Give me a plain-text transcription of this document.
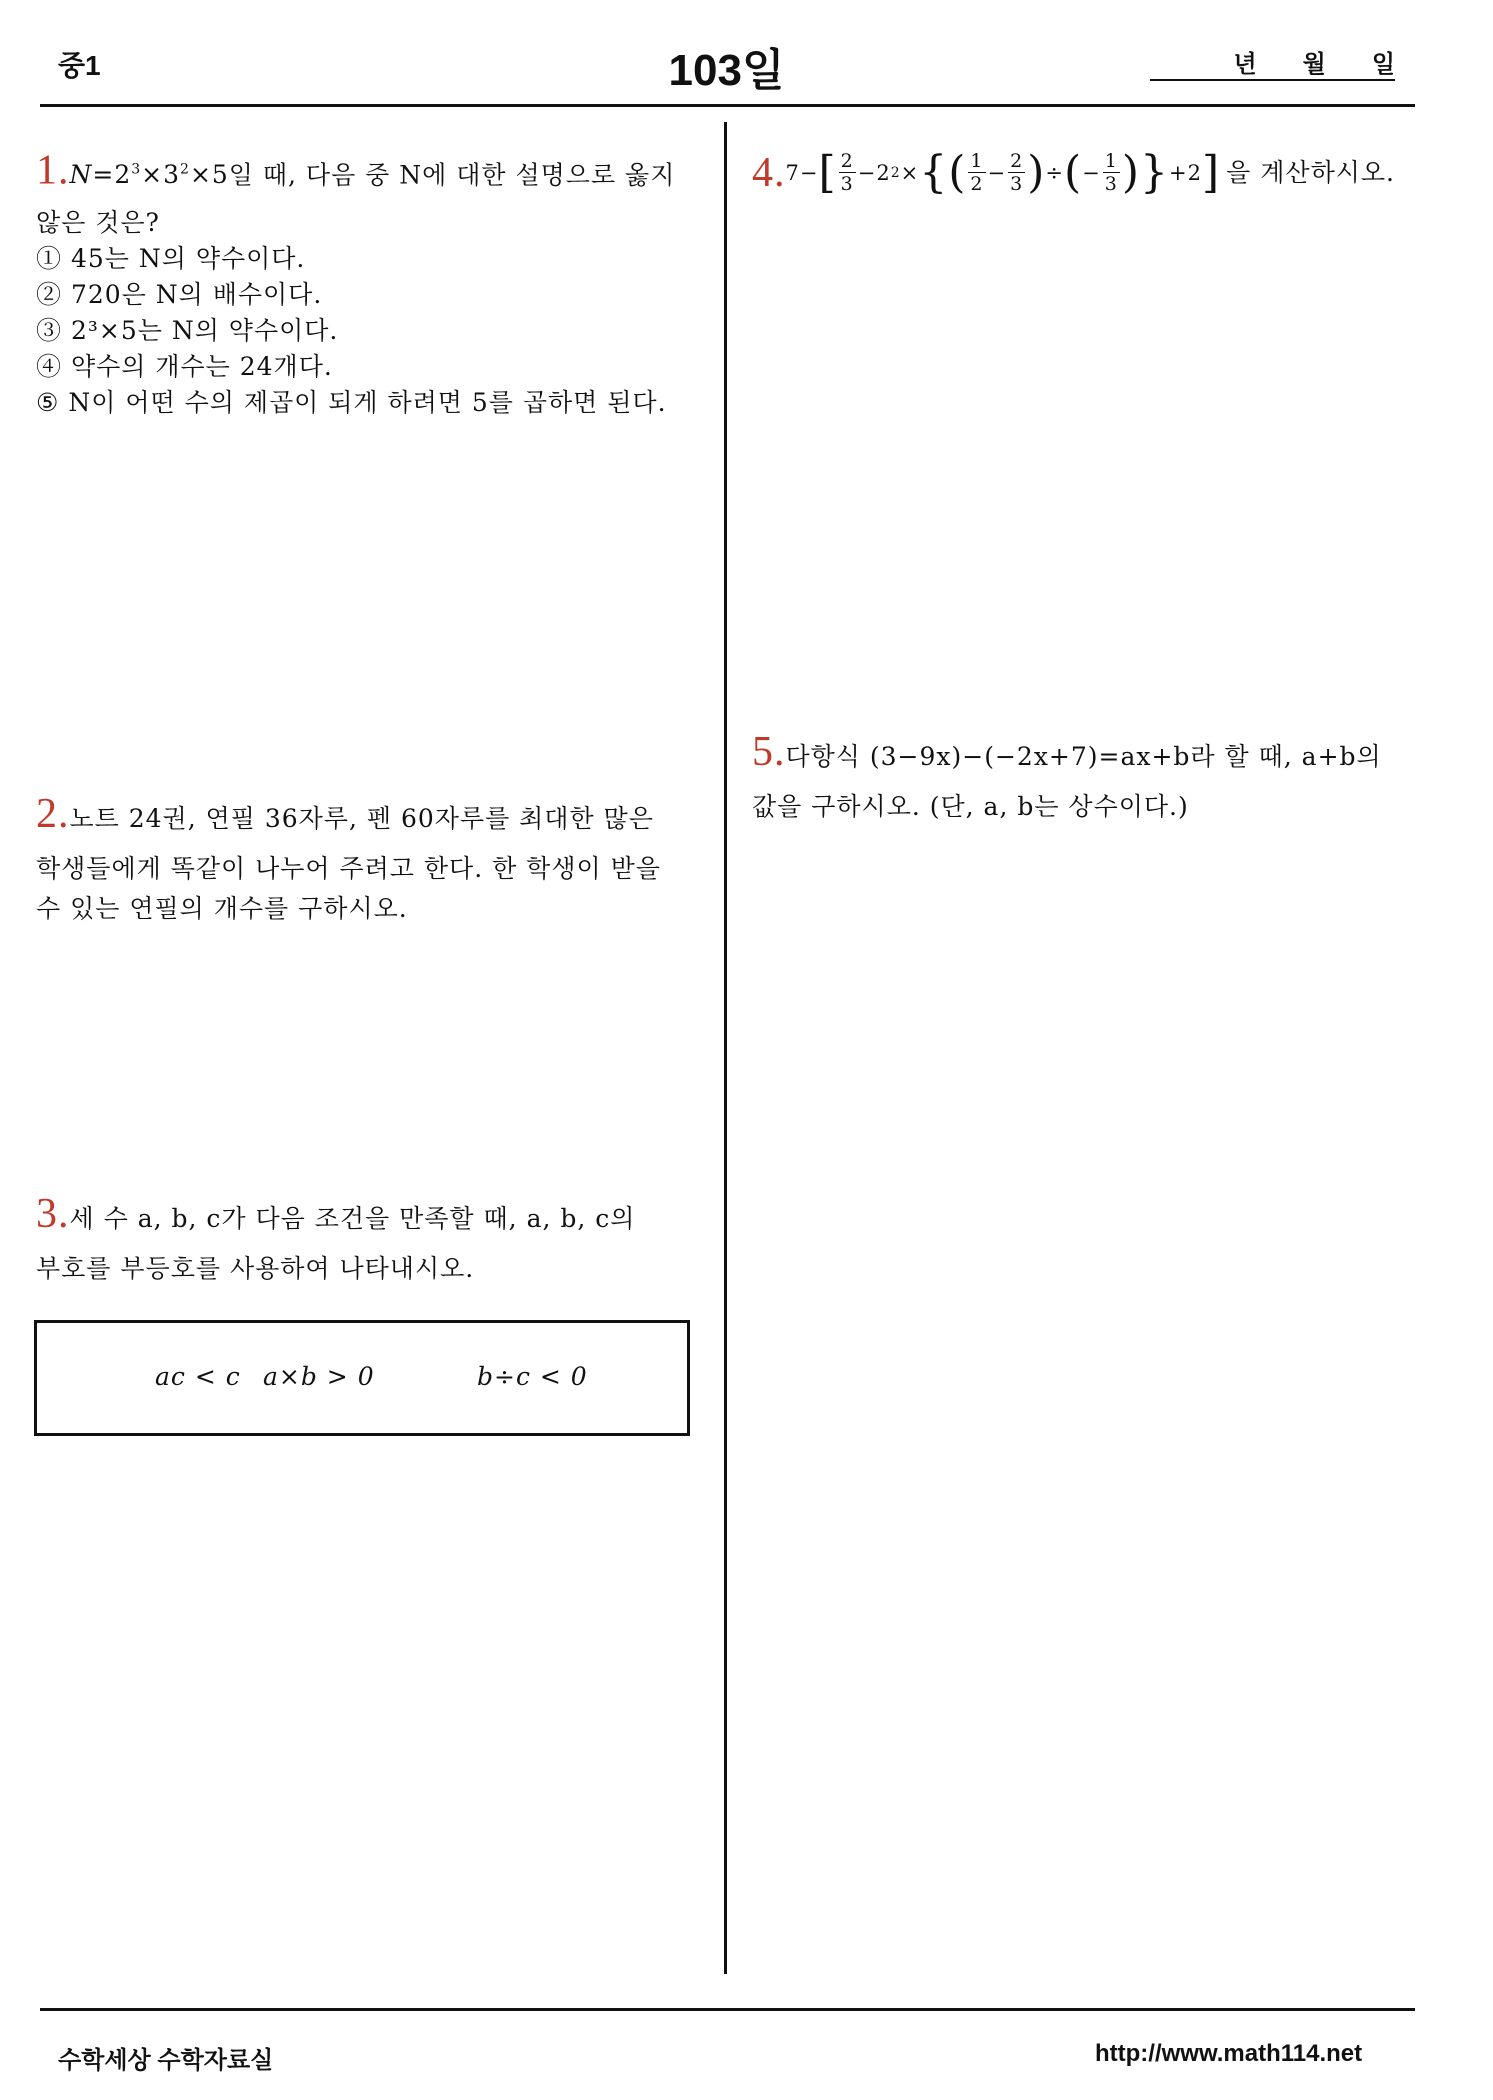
중1	103일	년 월 일
$1.N=2^3\times 3^2\times 5$일 때, 다음 중 N에 대한 설명으로 옳지
않은 것은?
① 45는 N의 약수이다.
② 720은 N의 배수이다.
③ 2³×5는 N의 약수이다.
④ 약수의 개수는 24개다.
⑤ N이 어떤 수의 제곱이 되게 하려면 5를 곱하면 된다.
2.노트 24권, 연필 36자루, 펜 60자루를 최대한 많은
학생들에게 똑같이 나누어 주려고 한다. 한 학생이 받을
수 있는 연필의 개수를 구하시오.
3.세 수 a, b, c가 다음 조건을 만족할 때, a, b, c의
부호를 부등호를 사용하여 나타내시오.
ac < c a×b > 0	b÷c < 0
4. 7− [ $\frac{2}{3} -2$ 2 × { ( $\frac{1}{2} - \frac{2}{3}$ ) ÷ ( − $\frac{1}{3}$ ) } +2 ] 을 계산하시오.
5.다항식 (3−9x)−(−2x+7)=ax+b라 할 때, a+b의
값을 구하시오. (단, a, b는 상수이다.)
수학세상 수학자료실	http://www.math114.net
